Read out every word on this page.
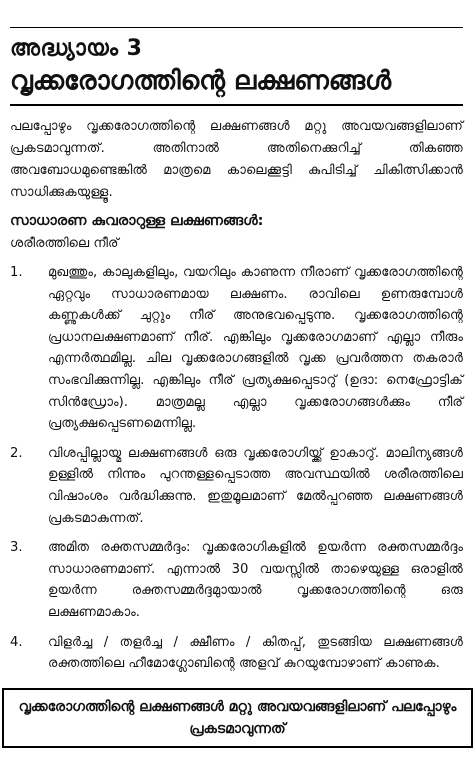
അദ്ധ്യായം 3
വൃക്കരോഗത്തിന്റെ ലക്ഷണങ്ങൾ

പലപ്പോഴും വൃക്കരോഗത്തിന്റെ ലക്ഷണങ്ങൾ മറ്റു അവയവങ്ങളിലാണ് പ്രകടമാവുന്നത്. അതിനാൽ അതിനെക്കുറിച്ച് തികഞ്ഞ അവബോധമുണ്ടെങ്കിൽ മാത്രമെ കാലെക്കൂട്ടി കുപിടിച്ച് ചികിത്സിക്കാൻ സാധിക്കുകയുള്ളൂ.

സാധാരണ കുവരാറുള്ള ലക്ഷണങ്ങൾ:
ശരീരത്തിലെ നീര്
1.	മുഖത്തും, കാലുകളിലും, വയറിലും കാണുന്ന നീരാണ് വൃക്കരോഗത്തിന്റെ ഏറ്റവും സാധാരണമായ ലക്ഷണം. രാവിലെ ഉണരുമ്പോൾ കണ്ണുകൾക്ക് ചുറ്റും നീര് അനുഭവപ്പെടുന്നു. വൃക്കരോഗത്തിന്റെ പ്രധാനലക്ഷണമാണ് നീര്. എങ്കിലും വൃക്കരോഗമാണ് എല്ലാ നീരും എന്നർത്ഥമില്ല. ചില വൃക്കരോഗങ്ങളിൽ വൃക്ക പ്രവർത്തന തകരാർ സംഭവിക്കുന്നില്ല. എങ്കിലും നീര് പ്രത്യക്ഷപ്പെടാറു് (ഉദാ: നെഫ്രോട്ടിക് സിൻഡ്രോം). മാത്രമല്ല എല്ലാ വൃക്കരോഗങ്ങൾക്കും നീര് പ്രത്യക്ഷപ്പെടണമെന്നില്ല.

2.	വിശപ്പില്ലായ്മ ലക്ഷണങ്ങൾ ഒരു വൃക്കരോഗിയ്ക്ക് ഉാകാറു്. മാലിന്യങ്ങൾ ഉള്ളിൽ നിന്നും പുറന്തള്ളപ്പെടാത്ത അവസ്ഥയിൽ ശരീരത്തിലെ വിഷാംശം വർദ്ധിക്കുന്നു. ഇതുമൂലമാണ് മേൽപ്പറഞ്ഞ ലക്ഷണങ്ങൾ പ്രകടമാകുന്നത്.

3.	അമിത രക്തസമ്മർദ്ദം: വൃക്കരോഗികളിൽ ഉയർന്ന രക്തസമ്മർദ്ദം സാധാരണമാണ്. എന്നാൽ 30 വയസ്സിൽ താഴെയുള്ള ഒരാളിൽ ഉയർന്ന രക്തസമ്മർദ്ദമുായാൽ വൃക്കരോഗത്തിന്റെ ഒരു ലക്ഷണമാകാം.

4.	വിളർച്ച / തളർച്ച / ക്ഷീണം / കിതപ്പ്, തുടങ്ങിയ ലക്ഷണങ്ങൾ രക്തത്തിലെ ഹീമോഗ്ലോബിന്റെ അളവ് കുറയുമ്പോഴാണ് കാണുക.

വൃക്കരോഗത്തിന്റെ ലക്ഷണങ്ങൾ മറ്റു അവയവങ്ങളിലാണ് പലപ്പോഴും പ്രകടമാവുന്നത്
